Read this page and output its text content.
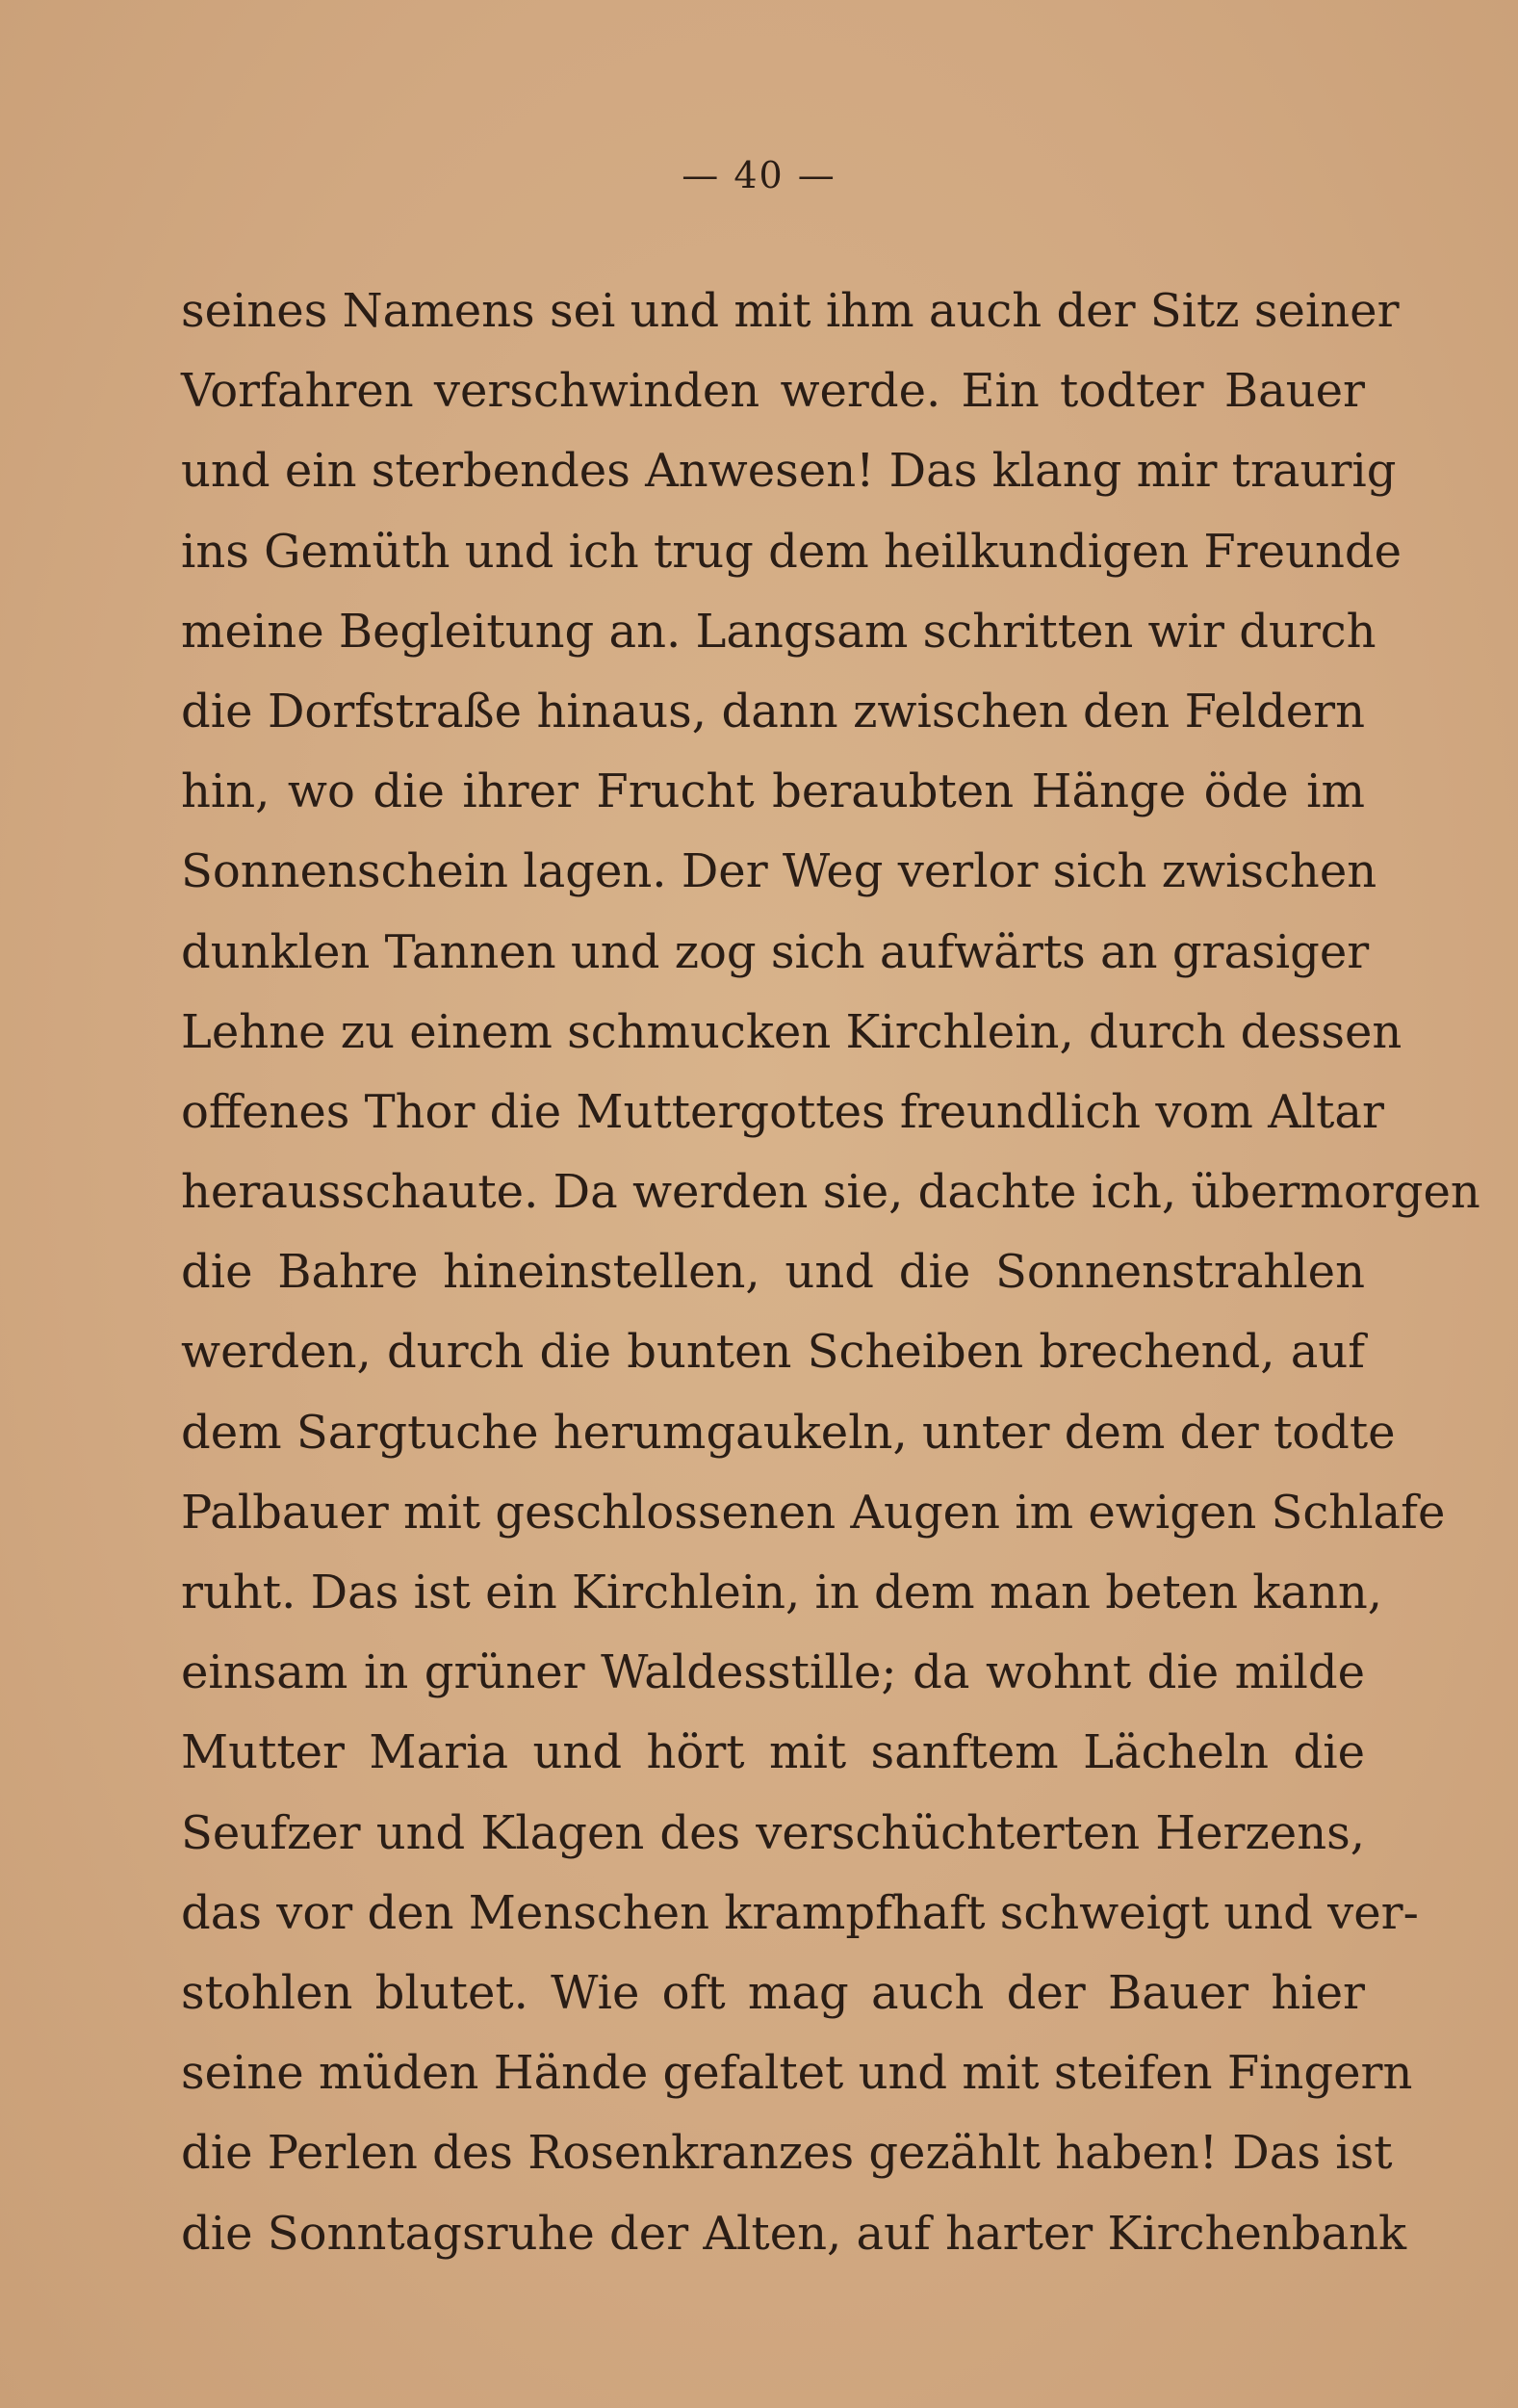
— 40 —
seines Namens sei und mit ihm auch der Sitz seiner
Vorfahren verschwinden werde. Ein todter Bauer
und ein sterbendes Anwesen! Das klang mir traurig
ins Gemüth und ich trug dem heilkundigen Freunde
meine Begleitung an. Langsam schritten wir durch
die Dorfstraße hinaus, dann zwischen den Feldern
hin, wo die ihrer Frucht beraubten Hänge öde im
Sonnenschein lagen. Der Weg verlor sich zwischen
dunklen Tannen und zog sich aufwärts an grasiger
Lehne zu einem schmucken Kirchlein, durch dessen
offenes Thor die Muttergottes freundlich vom Altar
herausschaute. Da werden sie, dachte ich, übermorgen
die Bahre hineinstellen, und die Sonnenstrahlen
werden, durch die bunten Scheiben brechend, auf
dem Sargtuche herumgaukeln, unter dem der todte
Palbauer mit geschlossenen Augen im ewigen Schlafe
ruht. Das ist ein Kirchlein, in dem man beten kann,
einsam in grüner Waldesstille; da wohnt die milde
Mutter Maria und hört mit sanftem Lächeln die
Seufzer und Klagen des verschüchterten Herzens,
das vor den Menschen krampfhaft schweigt und ver-
stohlen blutet. Wie oft mag auch der Bauer hier
seine müden Hände gefaltet und mit steifen Fingern
die Perlen des Rosenkranzes gezählt haben! Das ist
die Sonntagsruhe der Alten, auf harter Kirchenbank
